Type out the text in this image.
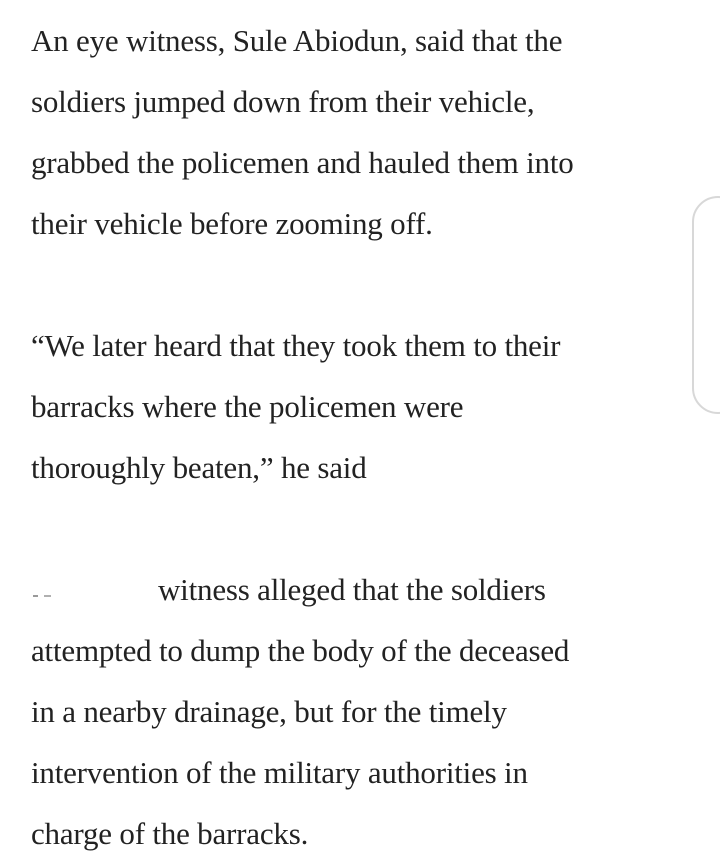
An eye witness, Sule Abiodun, said that the
soldiers jumped down from their vehicle,
grabbed the policemen and hauled them into
their vehicle before zooming off.

“We later heard that they took them to their
barracks where the policemen were
thoroughly beaten,” he said

witness alleged that the soldiers
attempted to dump the body of the deceased
in a nearby drainage, but for the timely
intervention of the military authorities in
charge of the barracks.
